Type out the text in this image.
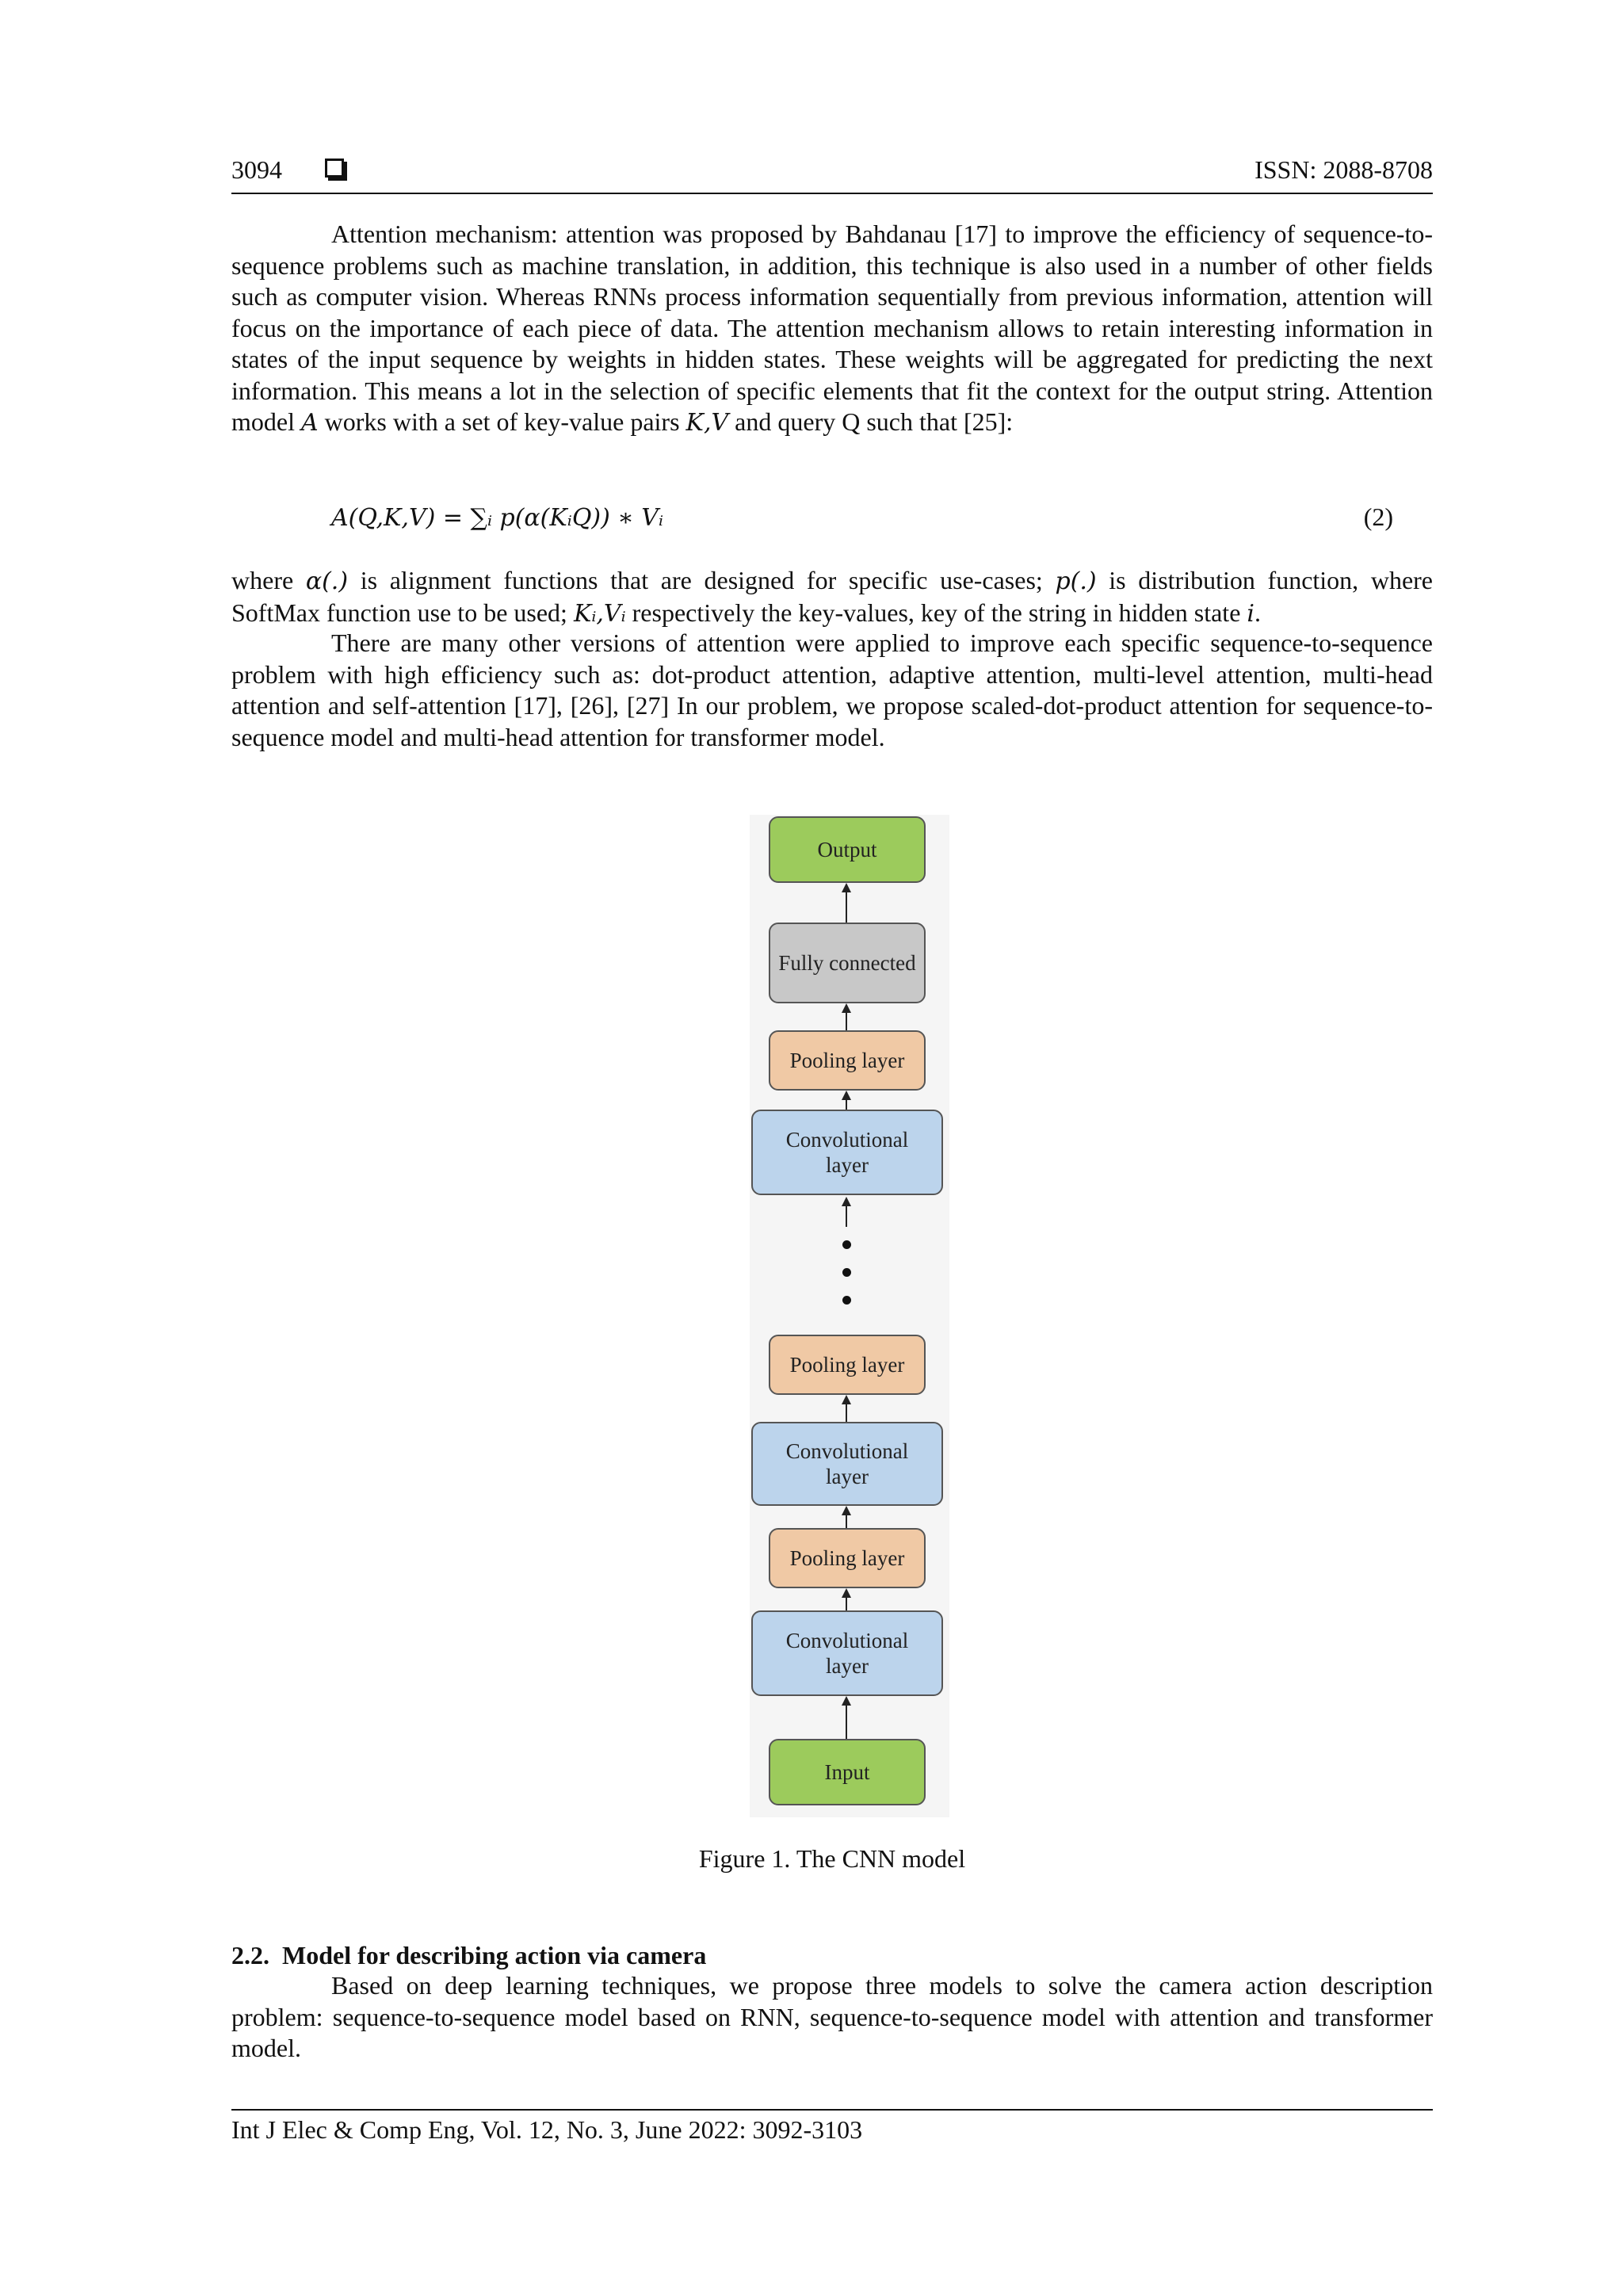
3094	ISSN: 2088-8708

Attention mechanism: attention was proposed by Bahdanau [17] to improve the efficiency of sequence-to-sequence problems such as machine translation, in addition, this technique is also used in a number of other fields such as computer vision. Whereas RNNs process information sequentially from previous information, attention will focus on the importance of each piece of data. The attention mechanism allows to retain interesting information in states of the input sequence by weights in hidden states. These weights will be aggregated for predicting the next information. This means a lot in the selection of specific elements that fit the context for the output string. Attention model A works with a set of key-value pairs K,V and query Q such that [25]:

A(Q,K,V) = ∑ᵢ p(α(KᵢQ)) ∗ Vᵢ	(2)

where α(.) is alignment functions that are designed for specific use-cases; p(.) is distribution function, where SoftMax function use to be used; Kᵢ,Vᵢ respectively the key-values, key of the string in hidden state i.

There are many other versions of attention were applied to improve each specific sequence-to-sequence problem with high efficiency such as: dot-product attention, adaptive attention, multi-level attention, multi-head attention and self-attention [17], [26], [27] In our problem, we propose scaled-dot-product attention for sequence-to-sequence model and multi-head attention for transformer model.

Output
Fully connected
Pooling layer
Convolutional layer
Pooling layer
Convolutional layer
Pooling layer
Convolutional layer
Input
Figure 1. The CNN model
2.2.  Model for describing action via camera

Based on deep learning techniques, we propose three models to solve the camera action description problem: sequence-to-sequence model based on RNN, sequence-to-sequence model with attention and transformer model.

Int J Elec & Comp Eng, Vol. 12, No. 3, June 2022: 3092-3103
